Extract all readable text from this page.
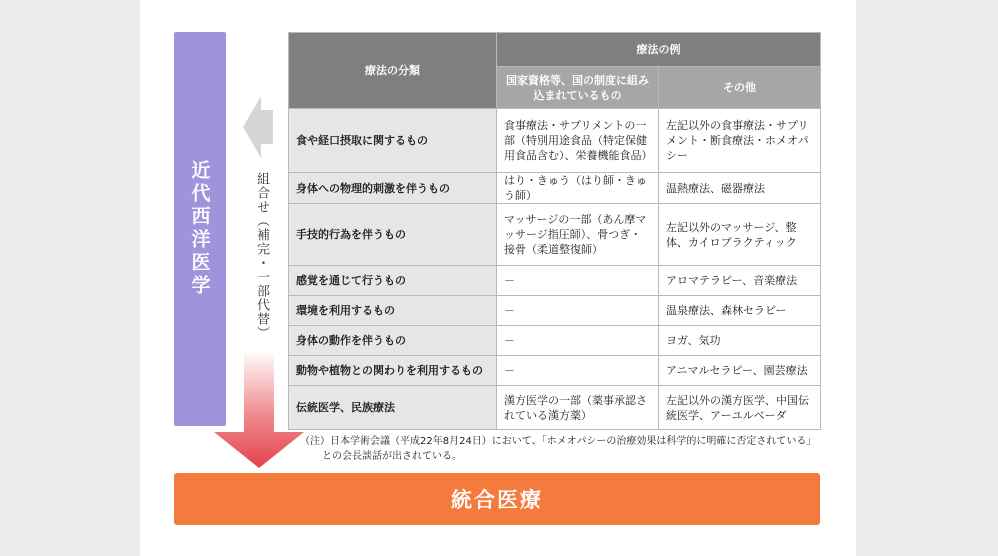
近代西洋医学	組合せ（補完・一部代替）
療法の分類	療法の例	
	国家資格等、国の制度に組み込まれているもの	その他
食や経口摂取に関するもの	食事療法・サプリメントの一部（特別用途食品（特定保健用食品含む）、栄養機能食品）	左記以外の食事療法・サプリメント・断食療法・ホメオパシー
身体への物理的刺激を伴うもの	はり・きゅう（はり師・きゅう師）	温熱療法、磁器療法
手技的行為を伴うもの	マッサージの一部（あん摩マッサージ指圧師）、骨つぎ・接骨（柔道整復師）	左記以外のマッサージ、整体、カイロプラクティック
感覚を通じて行うもの	－	アロマテラピー、音楽療法
環境を利用するもの	－	温泉療法、森林セラピー
身体の動作を伴うもの	－	ヨガ、気功
動物や植物との関わりを利用するもの	－	アニマルセラピー、園芸療法
伝統医学、民族療法	漢方医学の一部（薬事承認されている漢方薬）	左記以外の漢方医学、中国伝統医学、アーユルベーダ
（注）日本学術会議（平成22年8月24日）において、「ホメオパシーの治療効果は科学的に明確に否定されている」
との会長談話が出されている。
統合医療
